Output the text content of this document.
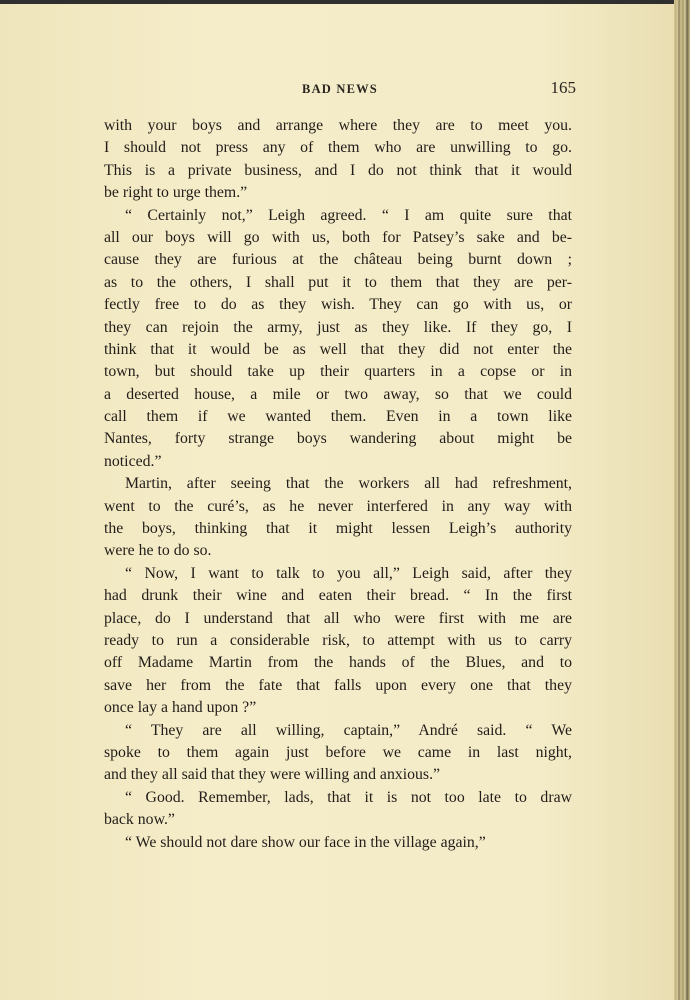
BAD NEWS	165
with your boys and arrange where they are to meet you.
I should not press any of them who are unwilling to go.
This is a private business, and I do not think that it would
be right to urge them.”
“ Certainly not,” Leigh agreed. “ I am quite sure that
all our boys will go with us, both for Patsey’s sake and be-
cause they are furious at the château being burnt down ;
as to the others, I shall put it to them that they are per-
fectly free to do as they wish. They can go with us, or
they can rejoin the army, just as they like. If they go, I
think that it would be as well that they did not enter the
town, but should take up their quarters in a copse or in
a deserted house, a mile or two away, so that we could
call them if we wanted them. Even in a town like
Nantes, forty strange boys wandering about might be
noticed.”
Martin, after seeing that the workers all had refreshment,
went to the curé’s, as he never interfered in any way with
the boys, thinking that it might lessen Leigh’s authority
were he to do so.
“ Now, I want to talk to you all,” Leigh said, after they
had drunk their wine and eaten their bread. “ In the first
place, do I understand that all who were first with me are
ready to run a considerable risk, to attempt with us to carry
off Madame Martin from the hands of the Blues, and to
save her from the fate that falls upon every one that they
once lay a hand upon ?”
“ They are all willing, captain,” André said. “ We
spoke to them again just before we came in last night,
and they all said that they were willing and anxious.”
“ Good. Remember, lads, that it is not too late to draw
back now.”
“ We should not dare show our face in the village again,”
